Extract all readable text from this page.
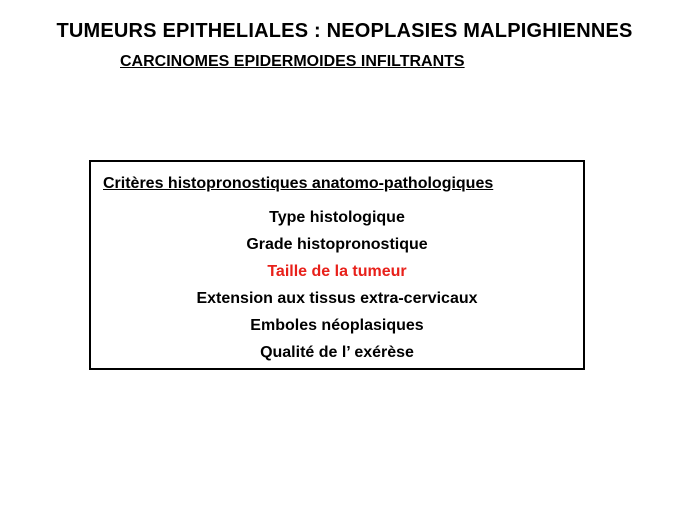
TUMEURS EPITHELIALES : NEOPLASIES MALPIGHIENNES
CARCINOMES EPIDERMOIDES INFILTRANTS
Critères histopronostiques anatomo-pathologiques
Type histologique
Grade histopronostique
Taille de la tumeur
Extension aux tissus extra-cervicaux
Emboles néoplasiques
Qualité de l’ exérèse
